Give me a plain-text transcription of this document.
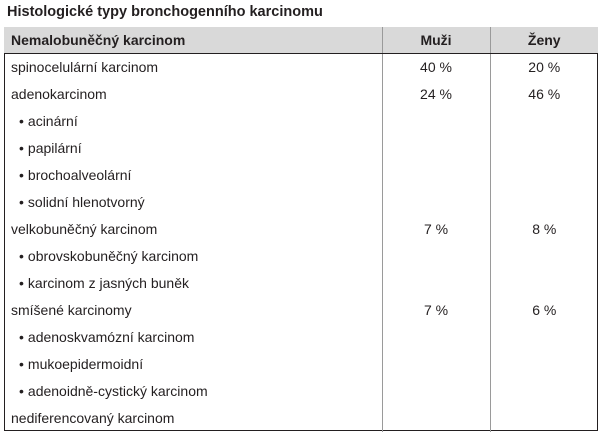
Histologické typy bronchogenního karcinomu
Nemalobuněčný karcinom	Muži	Ženy
spinocelulární karcinom	40 %	20 %
adenokarcinom	24 %	46 %
• acinární		
• papilární		
• brochoalveolární		
• solidní hlenotvorný		
velkobuněčný karcinom	7 %	8 %
• obrovskobuněčný karcinom		
• karcinom z jasných buněk		
smíšené karcinomy	7 %	6 %
• adenoskvamózní karcinom		
• mukoepidermoidní		
• adenoidně-cystický karcinom		
nediferencovaný karcinom		
